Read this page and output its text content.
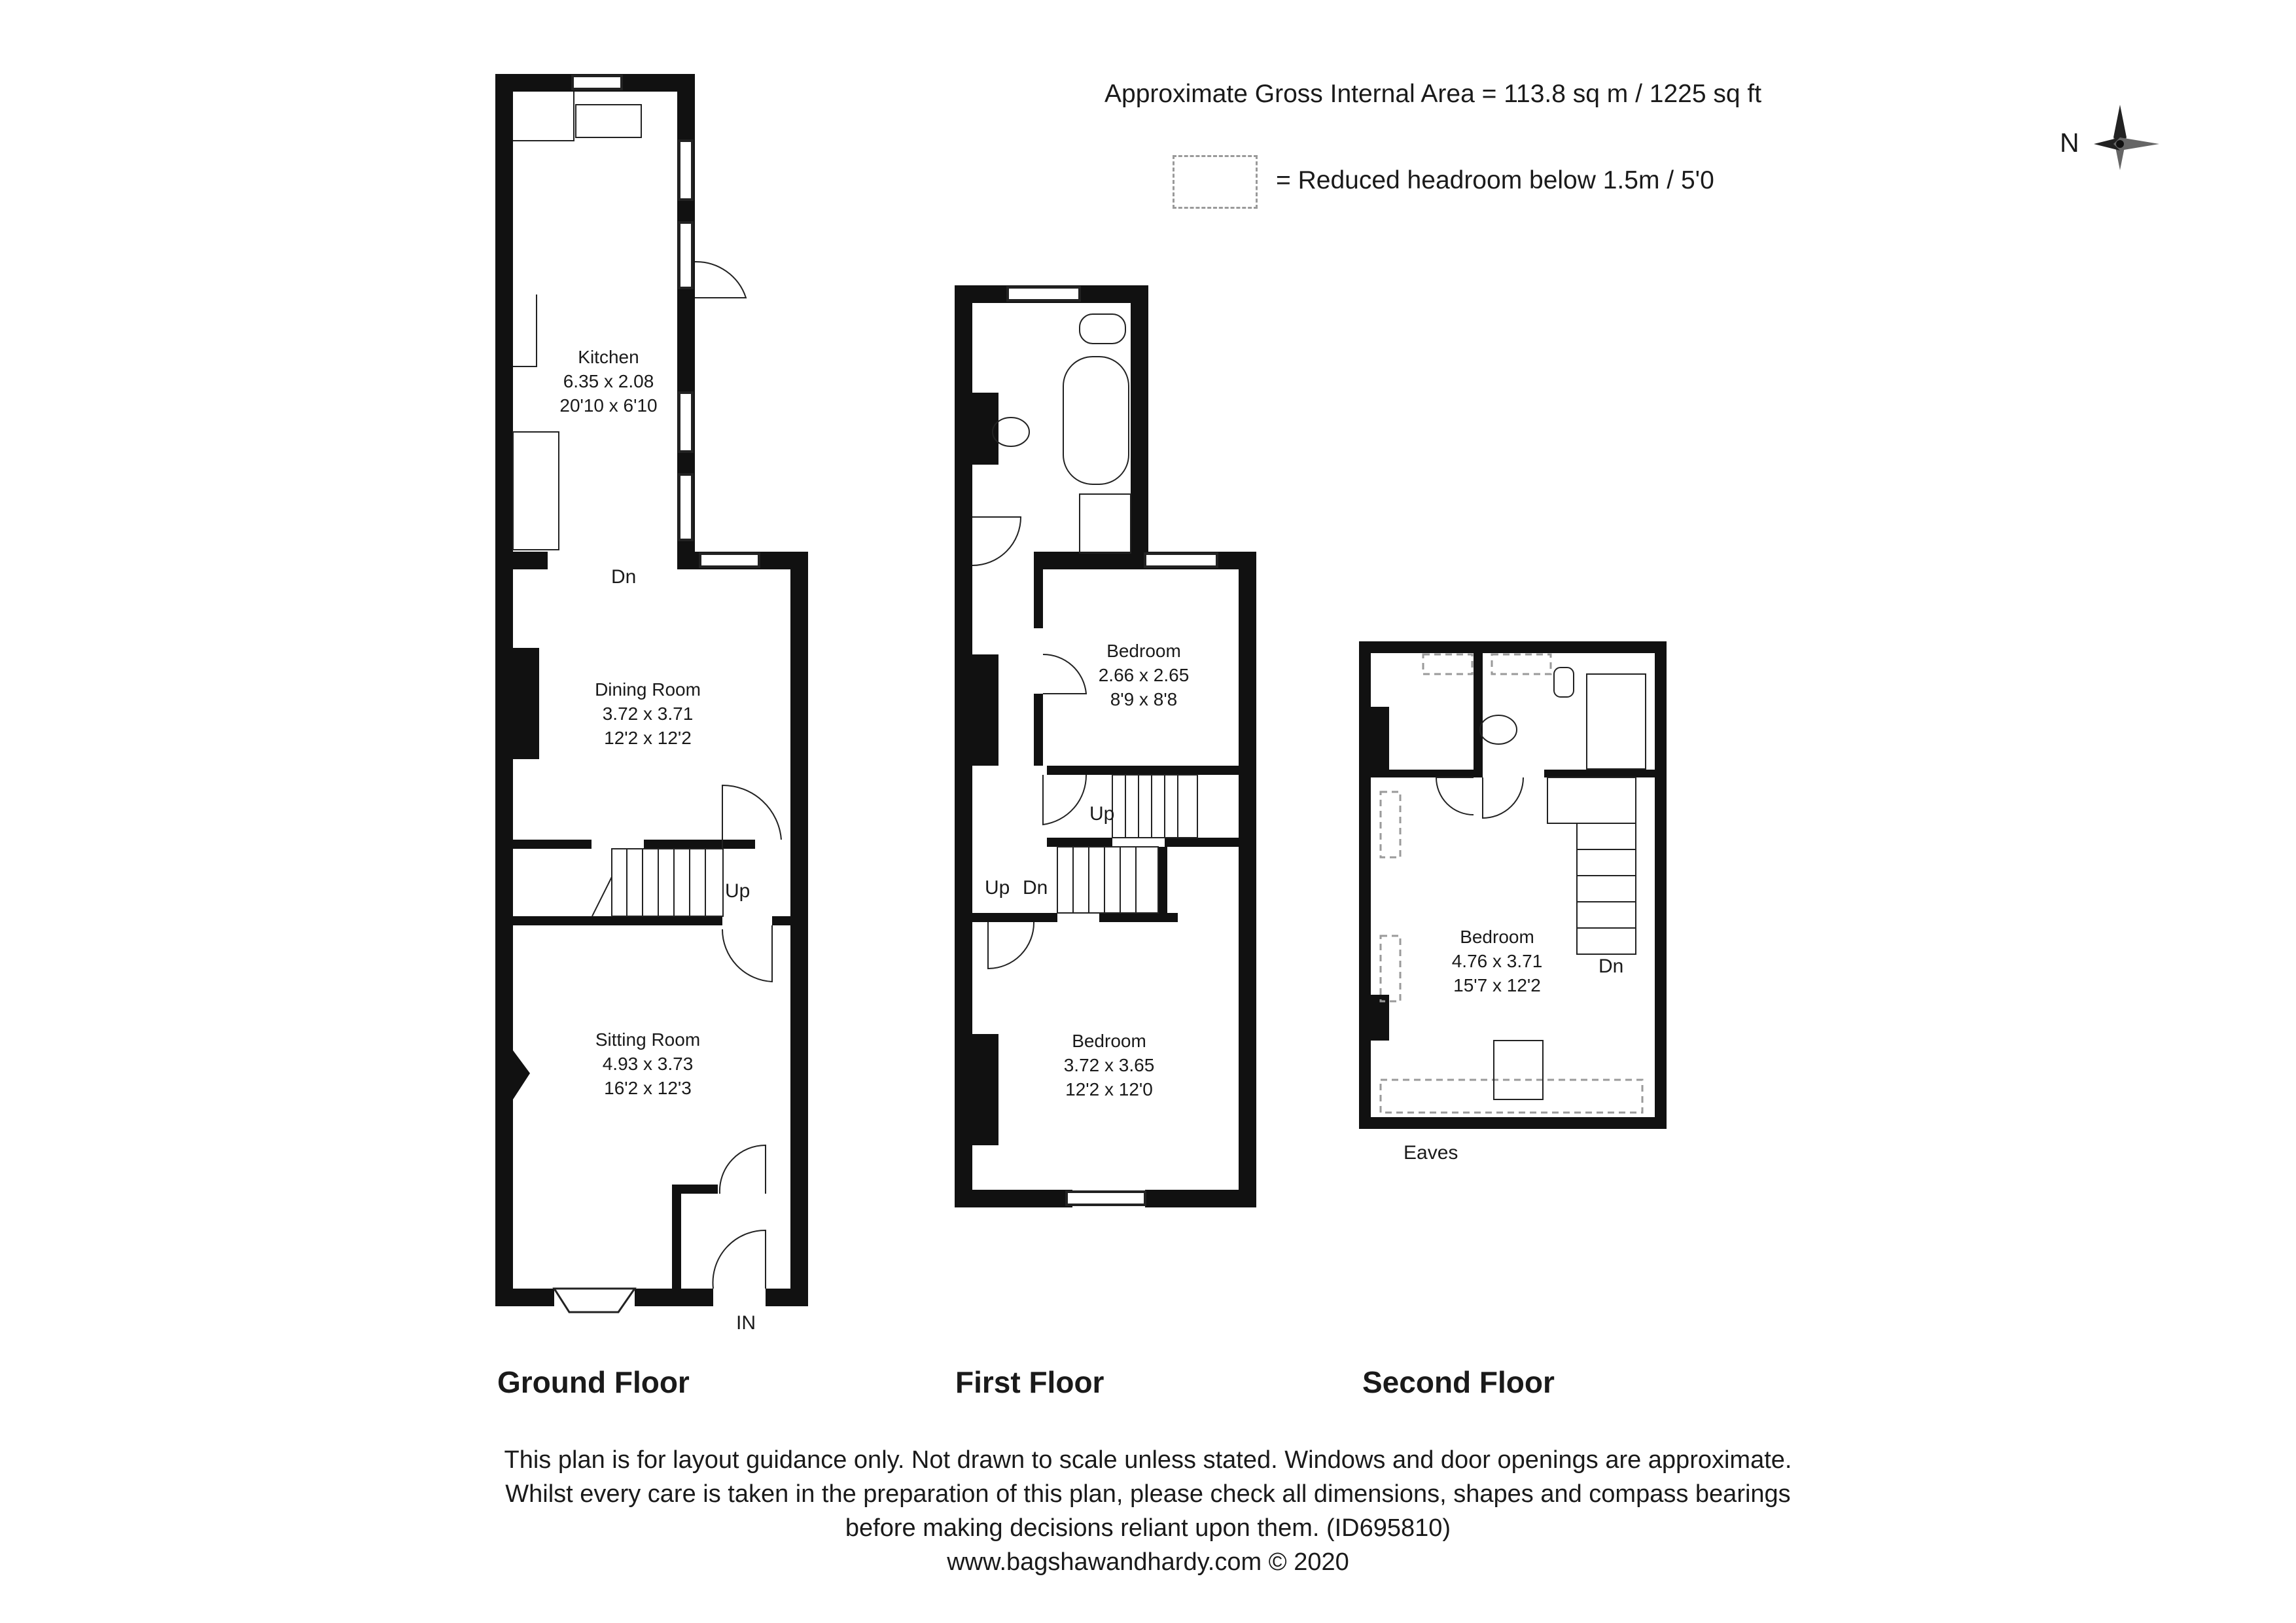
Approximate Gross Internal Area = 113.8 sq m / 1225 sq ft
= Reduced headroom below 1.5m / 5'0
N
Kitchen
6.35 x 2.08
20'10 x 6'10
Dining Room
3.72 x 3.71
12'2 x 12'2
Sitting Room
4.93 x 3.73
16'2 x 12'3
Dn
Up
IN
Bedroom
2.66 x 2.65
8'9 x 8'8
Bedroom
3.72 x 3.65
12'2 x 12'0
Up
Up Dn
Bedroom
4.76 x 3.71
15'7 x 12'2
Dn
Eaves
Ground Floor	First Floor	Second Floor
This plan is for layout guidance only. Not drawn to scale unless stated. Windows and door openings are approximate.
Whilst every care is taken in the preparation of this plan, please check all dimensions, shapes and compass bearings
before making decisions reliant upon them. (ID695810)
www.bagshawandhardy.com © 2020
